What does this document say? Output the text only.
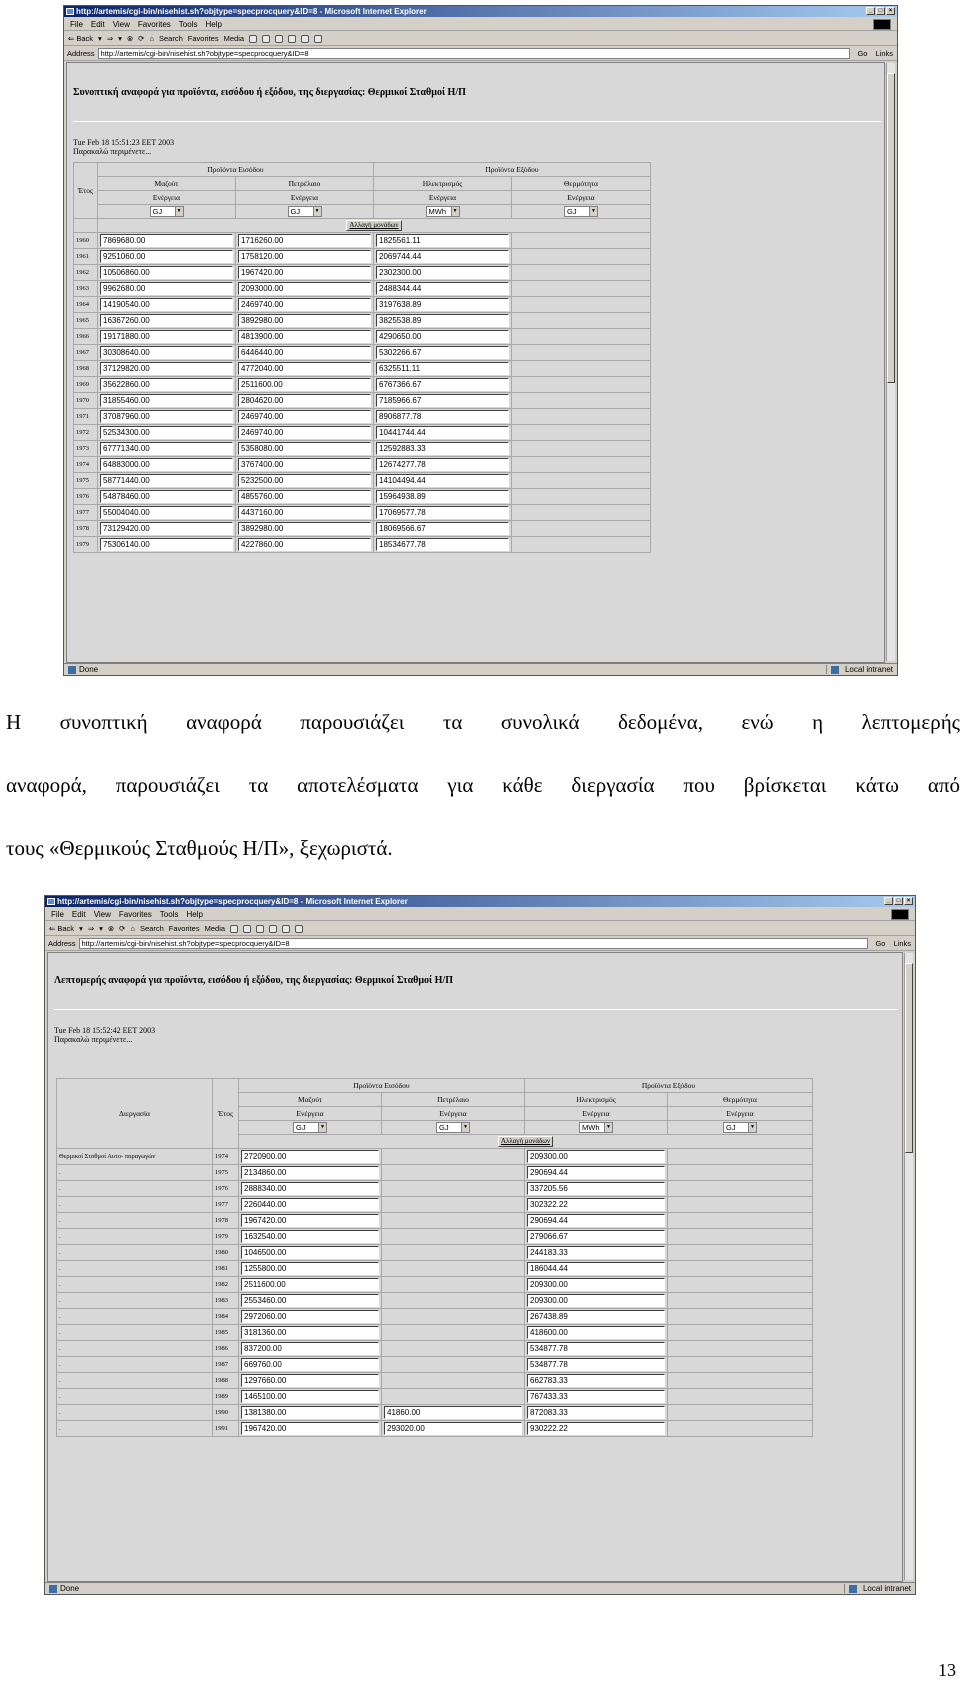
http://artemis/cgi-bin/nisehist.sh?objtype=specprocquery&ID=8 - Microsoft Internet Explorer	_	□	×
File Edit View Favorites Tools Help
⇐ Back ▾ ⇒ ▾ ⊗ ⟳ ⌂ Search Favorites Media
Address http://artemis/cgi-bin/nisehist.sh?objtype=specprocquery&ID=8	Go	Links
Συνοπτική αναφορά για προϊόντα, εισόδου ή εξόδου, της διεργασίας: Θερμικοί Σταθμοί Η/Π
Tue Feb 18 15:51:23 EET 2003
Παρακαλώ περιμένετε...
Έτος	Προϊόντα Εισόδου		Προϊόντα Εξόδου	
	Μαζούτ	Πετρέλαιο	Ηλεκτρισμός	Θερμότητα
	Ενέργεια	Ενέργεια	Ενέργεια	Ενέργεια

	GJ ▼	GJ ▼	MWh ▼	GJ ▼

	Αλλαγή μονάδων			
1960	7869680.00	1716260.00	1825561.11	

1961	9251060.00	1758120.00	2069744.44	

1962	10506860.00	1967420.00	2302300.00	

1963	9962680.00	2093000.00	2488344.44	

1964	14190540.00	2469740.00	3197638.89	

1965	16367260.00	3892980.00	3825538.89	

1966	19171880.00	4813900.00	4290650.00	

1967	30308640.00	6446440.00	5302266.67	

1968	37129820.00	4772040.00	6325511.11	

1969	35622860.00	2511600.00	6767366.67	

1970	31855460.00	2804620.00	7185966.67	

1971	37087960.00	2469740.00	8906877.78	

1972	52534300.00	2469740.00	10441744.44	

1973	67771340.00	5358080.00	12592883.33	

1974	64883000.00	3767400.00	12674277.78	

1975	58771440.00	5232500.00	14104494.44	

1976	54878460.00	4855760.00	15964938.89	

1977	55004040.00	4437160.00	17069577.78	

1978	73129420.00	3892980.00	18069566.67	

1979	75306140.00	4227860.00	18534677.78	

Done	Local intranet
Η συνοπτική αναφορά παρουσιάζει τα συνολικά δεδομένα, ενώ η λεπτομερής
αναφορά, παρουσιάζει τα αποτελέσματα για κάθε διεργασία που βρίσκεται κάτω από
τους «Θερμικούς Σταθμούς Η/Π», ξεχωριστά.
http://artemis/cgi-bin/nisehist.sh?objtype=specprocquery&ID=8 - Microsoft Internet Explorer	_	□	×
File Edit View Favorites Tools Help
⇐ Back ▾ ⇒ ▾ ⊗ ⟳ ⌂ Search Favorites Media
Address http://artemis/cgi-bin/nisehist.sh?objtype=specprocquery&ID=8	Go	Links
Λεπτομερής αναφορά για προϊόντα, εισόδου ή εξόδου, της διεργασίας: Θερμικοί Σταθμοί Η/Π
Tue Feb 18 15:52:42 EET 2003
Παρακαλώ περιμένετε...
Διεργασία	Έτος	Προϊόντα Εισόδου		Προϊόντα Εξόδου	
		Μαζούτ	Πετρέλαιο	Ηλεκτρισμός	Θερμότητα
		Ενέργεια	Ενέργεια	Ενέργεια	Ενέργεια

		GJ ▼	GJ ▼	MWh ▼	GJ ▼

		Αλλαγή μονάδων			
Θερμικοί Σταθμοί Αυτο- παραγωγών	1974	2720900.00		209300.00	

.	1975	2134860.00		290694.44	

.	1976	2888340.00		337205.56	

.	1977	2260440.00		302322.22	

.	1978	1967420.00		290694.44	

.	1979	1632540.00		279066.67	

.	1980	1046500.00		244183.33	

.	1981	1255800.00		186044.44	

.	1982	2511600.00		209300.00	

.	1983	2553460.00		209300.00	

.	1984	2972060.00		267438.89	

.	1985	3181360.00		418600.00	

.	1986	837200.00		534877.78	

.	1987	669760.00		534877.78	

.	1988	1297660.00		662783.33	

.	1989	1465100.00		767433.33	

.	1990	1381380.00	41860.00	872083.33	

.	1991	1967420.00	293020.00	930222.22	

Done	Local intranet
13
